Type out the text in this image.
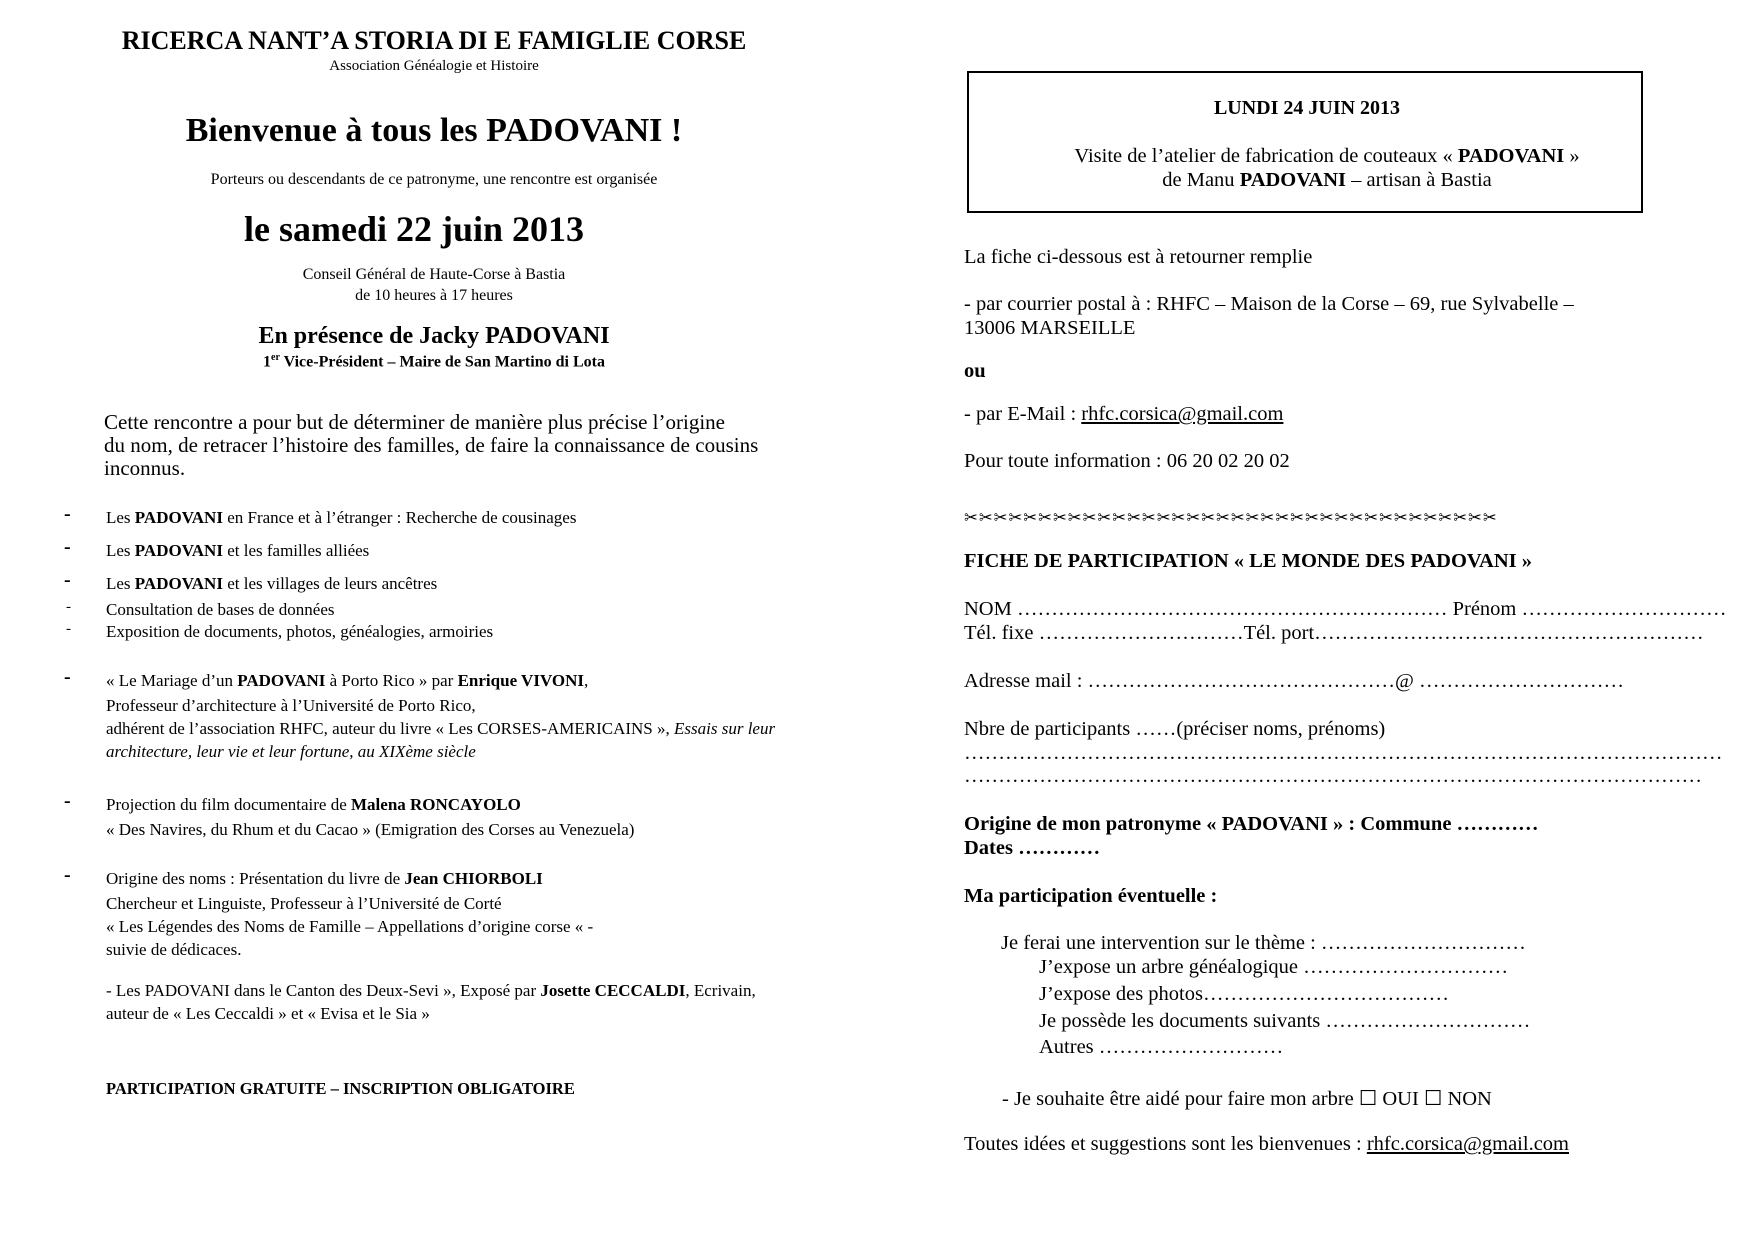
RICERCA NANT’A STORIA DI E FAMIGLIE CORSE
Association Généalogie et Histoire
Bienvenue à tous les PADOVANI !
Porteurs ou descendants de ce patronyme, une rencontre est organisée
le samedi 22 juin 2013
Conseil Général de Haute-Corse à Bastia
de 10 heures à 17 heures
En présence de Jacky PADOVANI
1er Vice-Président – Maire de San Martino di Lota
Cette rencontre a pour but de déterminer de manière plus précise l’origine
du nom, de retracer l’histoire des familles, de faire la connaissance de cousins
inconnus.
- Les PADOVANI en France et à l’étranger : Recherche de cousinages
- Les PADOVANI et les familles alliées
- Les PADOVANI et les villages de leurs ancêtres
- Consultation de bases de données
- Exposition de documents, photos, généalogies, armoiries
- « Le Mariage d’un PADOVANI à Porto Rico » par Enrique VIVONI,
Professeur d’architecture à l’Université de Porto Rico,
adhérent de l’association RHFC, auteur du livre « Les CORSES-AMERICAINS », Essais sur leur
architecture, leur vie et leur fortune, au XIXème siècle
- Projection du film documentaire de Malena RONCAYOLO
« Des Navires, du Rhum et du Cacao » (Emigration des Corses au Venezuela)
- Origine des noms : Présentation du livre de Jean CHIORBOLI
Chercheur et Linguiste, Professeur à l’Université de Corté
« Les Légendes des Noms de Famille – Appellations d’origine corse « -
suivie de dédicaces.
- Les PADOVANI dans le Canton des Deux-Sevi », Exposé par Josette CECCALDI, Ecrivain,
auteur de « Les Ceccaldi » et « Evisa et le Sia »
PARTICIPATION GRATUITE – INSCRIPTION OBLIGATOIRE
LUNDI 24 JUIN 2013
Visite de l’atelier de fabrication de couteaux « PADOVANI »
de Manu PADOVANI – artisan à Bastia
La fiche ci-dessous est à retourner remplie
- par courrier postal à : RHFC – Maison de la Corse – 69, rue Sylvabelle –
13006 MARSEILLE
ou
- par E-Mail : rhfc.corsica@gmail.com
Pour toute information : 06 20 02 20 02
✂✂✂✂✂✂✂✂✂✂✂✂✂✂✂✂✂✂✂✂✂✂✂✂✂✂✂✂✂✂✂✂✂✂✂✂
FICHE DE PARTICIPATION « LE MONDE DES PADOVANI »
NOM ……………………………………………………… Prénom …………………………
Tél. fixe …………………………Tél. port…………………………………………………
Adresse mail : ………………………………………@ …………………………
Nbre de participants ……(préciser noms, prénoms)
…………………………………………………………………………………………………
………………………………………………………………………………………………
Origine de mon patronyme « PADOVANI » : Commune …………
Dates …………
Ma participation éventuelle :
Je ferai une intervention sur le thème : …………………………
J’expose un arbre généalogique …………………………
J’expose des photos………………………………
Je possède les documents suivants …………………………
Autres ………………………
- Je souhaite être aidé pour faire mon arbre ☐ OUI ☐ NON
Toutes idées et suggestions sont les bienvenues : rhfc.corsica@gmail.com
